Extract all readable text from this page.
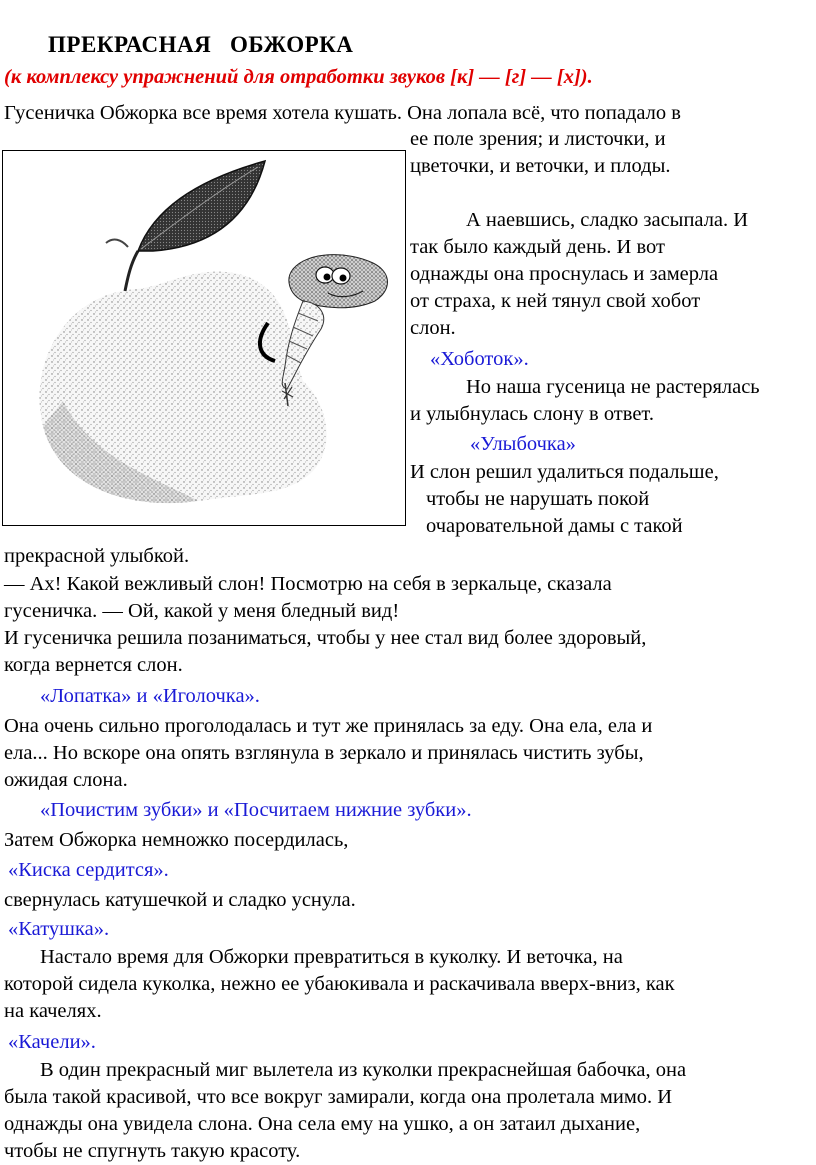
ПРЕКРАСНАЯ   ОБЖОРКА
(к комплексу упражнений для отработки звуков [к] — [г] — [х]).
Гусеничка Обжорка все время хотела кушать. Она лопала всё, что попадало в
ее поле зрения; и листочки, и
цветочки, и веточки, и плоды.
А наевшись, сладко засыпала. И
так было каждый день. И вот
однажды она проснулась и замерла
от страха, к ней тянул свой хобот
слон.
«Хоботок».
Но наша гусеница не растерялась
и улыбнулась слону в ответ.
«Улыбочка»
И слон решил удалиться подальше,
чтобы не нарушать покой
очаровательной дамы с такой
прекрасной улыбкой.
— Ах! Какой вежливый слон! Посмотрю на себя в зеркальце, сказала
гусеничка. — Ой, какой у меня бледный вид!
И гусеничка решила позаниматься, чтобы у нее стал вид более здоровый,
когда вернется слон.
«Лопатка» и «Иголочка».
Она очень сильно проголодалась и тут же принялась за еду. Она ела, ела и
ела... Но вскоре она опять взглянула в зеркало и принялась чистить зубы,
ожидая слона.
«Почистим зубки» и «Посчитаем нижние зубки».
Затем Обжорка немножко посердилась,
«Киска сердится».
свернулась катушечкой и сладко уснула.
«Катушка».
Настало время для Обжорки превратиться в куколку. И веточка, на
которой сидела куколка, нежно ее убаюкивала и раскачивала вверх-вниз, как
на качелях.
«Качели».
В один прекрасный миг вылетела из куколки прекраснейшая бабочка, она
была такой красивой, что все вокруг замирали, когда она пролетала мимо. И
однажды она увидела слона. Она села ему на ушко, а он затаил дыхание,
чтобы не спугнуть такую красоту.
